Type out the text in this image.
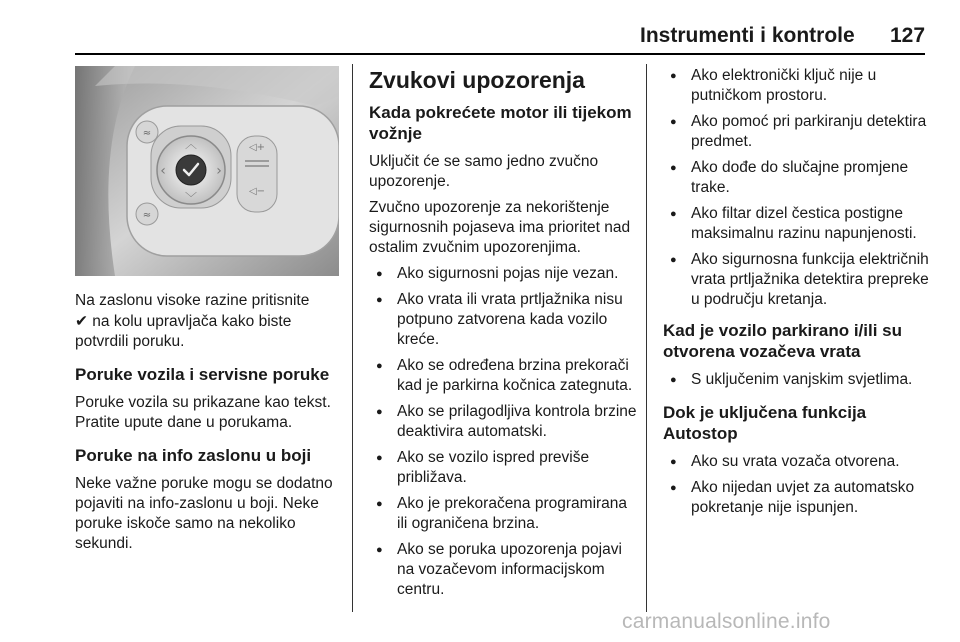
Instrumenti i kontrole 127
≈
≈
︿
﹀
‹	›
◁+
◁−

Na zaslonu visoke razine pritisnite
✔ na kolu upravljača kako biste
potvrdili poruku.

Poruke vozila i servisne poruke

Poruke vozila su prikazane kao tekst. Pratite upute dane u porukama.

Poruke na info zaslonu u boji

Neke važne poruke mogu se dodatno pojaviti na info-zaslonu u boji. Neke poruke iskoče samo na nekoliko sekundi.

Zvukovi upozorenja
Kada pokrećete motor ili tijekom vožnje

Uključit će se samo jedno zvučno upozorenje.

Zvučno upozorenje za nekorištenje sigurnosnih pojaseva ima prioritet nad ostalim zvučnim upozorenjima.

● Ako sigurnosni pojas nije vezan.
● Ako vrata ili vrata prtljažnika nisu potpuno zatvorena kada vozilo kreće.
● Ako se određena brzina prekorači kad je parkirna kočnica zategnuta.
● Ako se prilagodljiva kontrola brzine deaktivira automatski.
● Ako se vozilo ispred previše približava.
● Ako je prekoračena programirana ili ograničena brzina.
● Ako se poruka upozorenja pojavi na vozačevom informacijskom centru.
● Ako elektronički ključ nije u putničkom prostoru.
● Ako pomoć pri parkiranju detektira predmet.
● Ako dođe do slučajne promjene trake.
● Ako filtar dizel čestica postigne maksimalnu razinu napunjenosti.
● Ako sigurnosna funkcija električnih vrata prtljažnika detektira prepreke u području kretanja.
Kad je vozilo parkirano i/ili su otvorena vozačeva vrata
● S uključenim vanjskim svjetlima.
Dok je uključena funkcija Autostop
● Ako su vrata vozača otvorena.
● Ako nijedan uvjet za automatsko pokretanje nije ispunjen.
carmanualsonline.info
